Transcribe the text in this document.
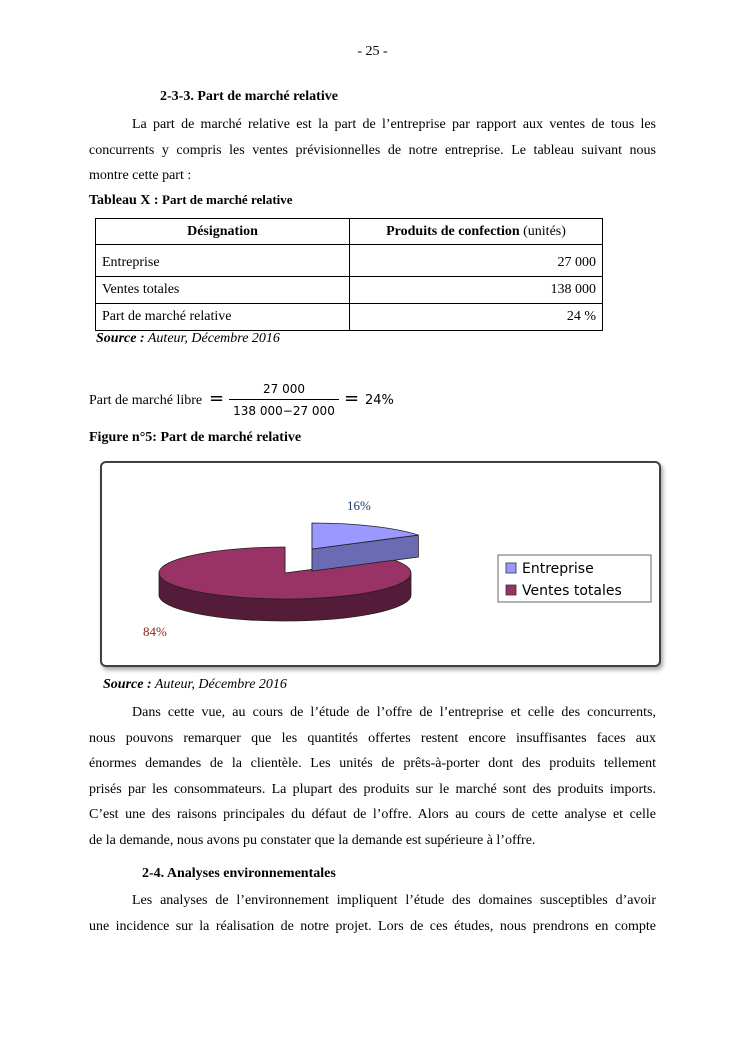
- 25 -
2-3-3. Part de marché relative
La part de marché relative est la part de l’entreprise par rapport aux ventes de tous les
concurrents y compris les ventes prévisionnelles de notre entreprise. Le tableau suivant nous
montre cette part :
Tableau X : Part de marché relative
Désignation	Produits de confection (unités)
Entreprise	27 000
Ventes totales	138 000
Part de marché relative	24 %
Source : Auteur, Décembre 2016
Part de marché libre =	27 000
138 000−27 000
= 24%
Figure n°5: Part de marché relative
16%
84%
Entreprise
Ventes totales
Source : Auteur, Décembre 2016
Dans cette vue, au cours de l’étude de l’offre de l’entreprise et celle des concurrents,
nous pouvons remarquer que les quantités offertes restent encore insuffisantes faces aux
énormes demandes de la clientèle. Les unités de prêts-à-porter dont des produits tellement
prisés par les consommateurs. La plupart des produits sur le marché sont des produits imports.
C’est une des raisons principales du défaut de l’offre. Alors au cours de cette analyse et celle
de la demande, nous avons pu constater que la demande est supérieure à l’offre.
2-4. Analyses environnementales
Les analyses de l’environnement impliquent l’étude des domaines susceptibles d’avoir
une incidence sur la réalisation de notre projet. Lors de ces études, nous prendrons en compte
